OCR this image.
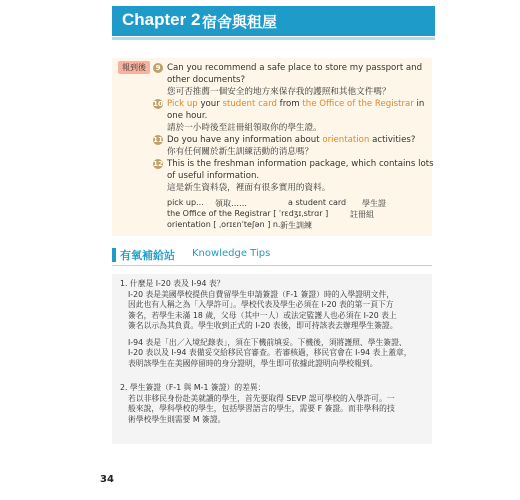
Chapter 2 宿舍與租屋
報到後	9 Can you recommend a safe place to store my passport and
other documents?
您可否推薦一個安全的地方來保存我的護照和其他文件嗎？
10 Pick up your student card from the Office of the Registrar in
one hour.
請於一小時後至註冊組領取你的學生證。
11 Do you have any information about orientation activities?
你有任何關於新生訓練活動的消息嗎？
12 This is the freshman information package, which contains lots
of useful information.
這是新生資料袋，裡面有很多實用的資料。
pick up... 領取……	a student card 學生證
the Office of the Registrar [ ˈrɛdʒɪˌstrɑr ]	註冊組
orientation [ ˌorɪɛnˈteʃən ] n. 新生訓練
有氧補給站 Knowledge Tips

1. 什麼是 I-20 表及 I-94 表？

I-20 表是美國學校提供自費留學生申請簽證（F-1 簽證）時的入學證明文件，

因此也有人稱之為「入學許可」。學校代表及學生必須在 I-20 表的第一頁下方

簽名，若學生未滿 18 歲，父母（其中一人）或法定監護人也必須在 I-20 表上

簽名以示為其負責。學生收到正式的 I-20 表後，即可持該表去辦理學生簽證。

I-94 表是「出／入境紀錄表」，須在下機前填妥。下機後，須將護照、學生簽證、

I-20 表以及 I-94 表備妥交給移民官審查。若審核過，移民官會在 I-94 表上蓋章，

表明該學生在美國停留時的身分證明，學生即可依據此證明向學校報到。

2. 學生簽證（F-1 與 M-1 簽證）的差異：

若以非移民身份赴美就讀的學生，首先要取得 SEVP 認可學校的入學許可。一

般來說，學科學校的學生，包括學習語言的學生，需要 F 簽證。而非學科的技

術學校學生則需要 M 簽證。

34
